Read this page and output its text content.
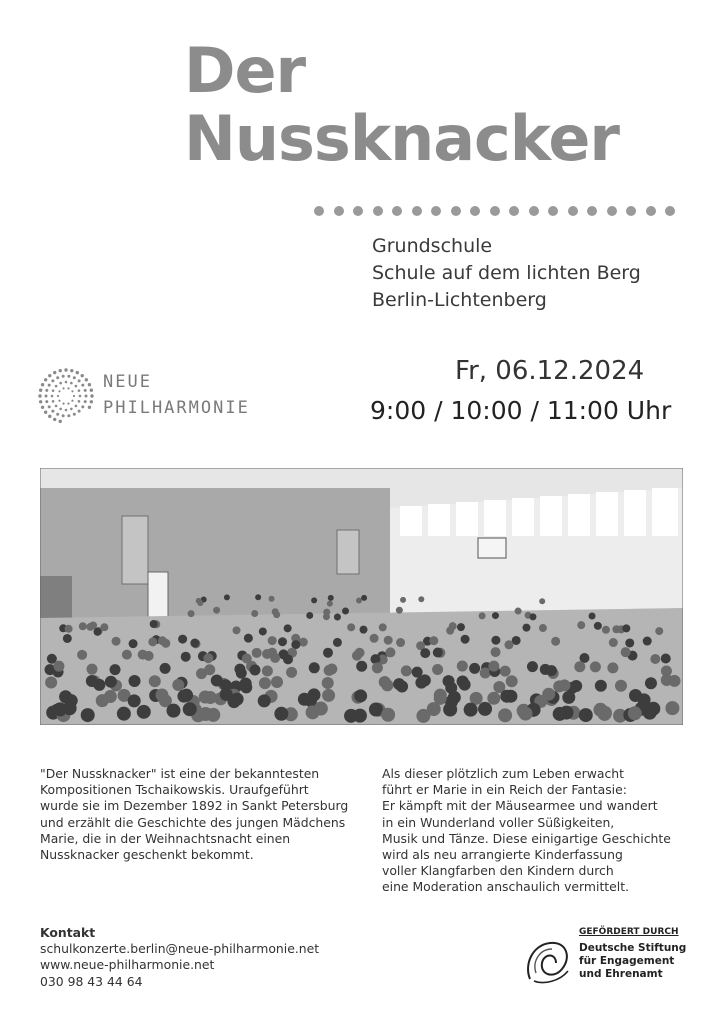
Der
Nussknacker
Grundschule
Schule auf dem lichten Berg
Berlin-Lichtenberg
NEUE
PHILHARMONIE
Fr, 06.12.2024
9:00 / 10:00 / 11:00 Uhr
"Der Nussknacker" ist eine der bekanntesten
Kompositionen Tschaikowskis. Uraufgeführt
wurde sie im Dezember 1892 in Sankt Petersburg
und erzählt die Geschichte des jungen Mädchens
Marie, die in der Weihnachtsnacht einen
Nussknacker geschenkt bekommt.
Als dieser plötzlich zum Leben erwacht
führt er Marie in ein Reich der Fantasie:
Er kämpft mit der Mäusearmee und wandert
in ein Wunderland voller Süßigkeiten,
Musik und Tänze. Diese einigartige Geschichte
wird als neu arrangierte Kinderfassung
voller Klangfarben den Kindern durch
eine Moderation anschaulich vermittelt.
Kontakt
schulkonzerte.berlin@neue-philharmonie.net
www.neue-philharmonie.net
030 98 43 44 64
GEFÖRDERT DURCH
Deutsche Stiftung
für Engagement
und Ehrenamt
